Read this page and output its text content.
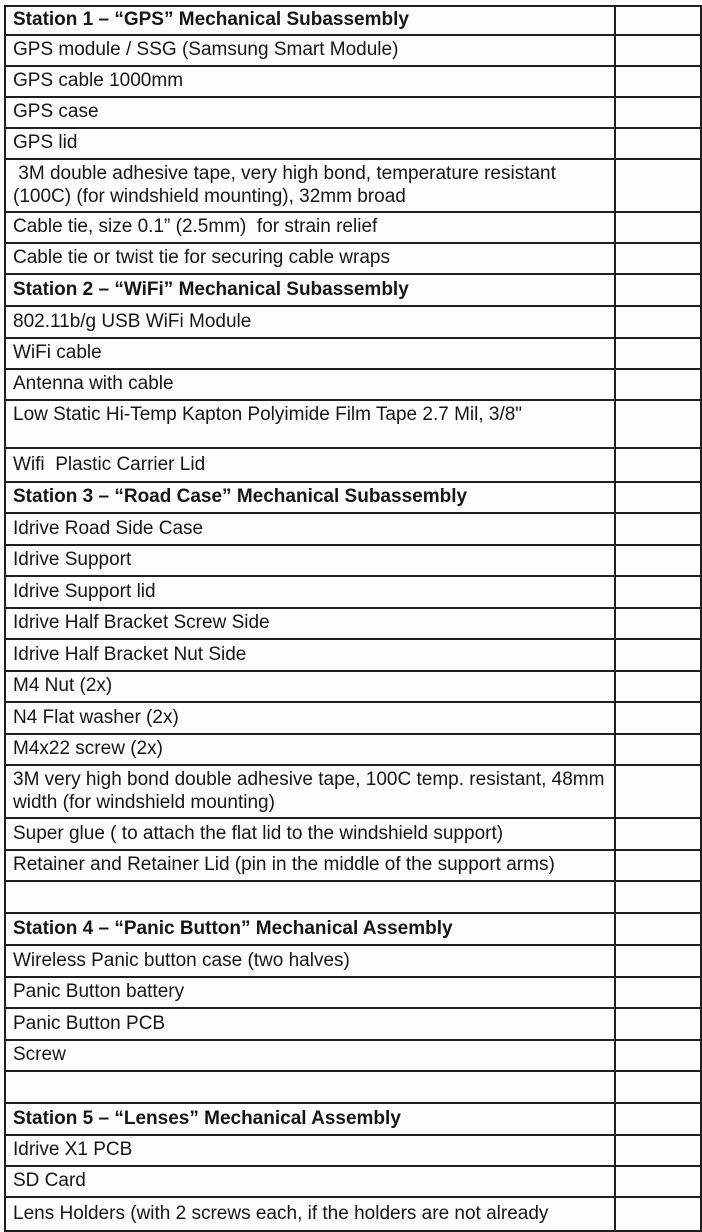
Station 1 – “GPS” Mechanical Subassembly	
GPS module / SSG (Samsung Smart Module)	
GPS cable 1000mm	
GPS case	
GPS lid	
3M double adhesive tape, very high bond, temperature resistant (100C) (for windshield mounting), 32mm broad	
Cable tie, size 0.1” (2.5mm)  for strain relief	
Cable tie or twist tie for securing cable wraps	
Station 2 – “WiFi” Mechanical Subassembly	
802.11b/g USB WiFi Module	
WiFi cable	
Antenna with cable	
Low Static Hi-Temp Kapton Polyimide Film Tape 2.7 Mil, 3/8"	
Wifi  Plastic Carrier Lid	
Station 3 – “Road Case” Mechanical Subassembly	
Idrive Road Side Case	
Idrive Support	
Idrive Support lid	
Idrive Half Bracket Screw Side	
Idrive Half Bracket Nut Side	
M4 Nut (2x)	
N4 Flat washer (2x)	
M4x22 screw (2x)	
3M very high bond double adhesive tape, 100C temp. resistant, 48mm width (for windshield mounting)	
Super glue ( to attach the flat lid to the windshield support)	
Retainer and Retainer Lid (pin in the middle of the support arms)	

Station 4 – “Panic Button” Mechanical Assembly	
Wireless Panic button case (two halves)	
Panic Button battery	
Panic Button PCB	
Screw	

Station 5 – “Lenses” Mechanical Assembly	
Idrive X1 PCB	
SD Card	
Lens Holders (with 2 screws each, if the holders are not already	
